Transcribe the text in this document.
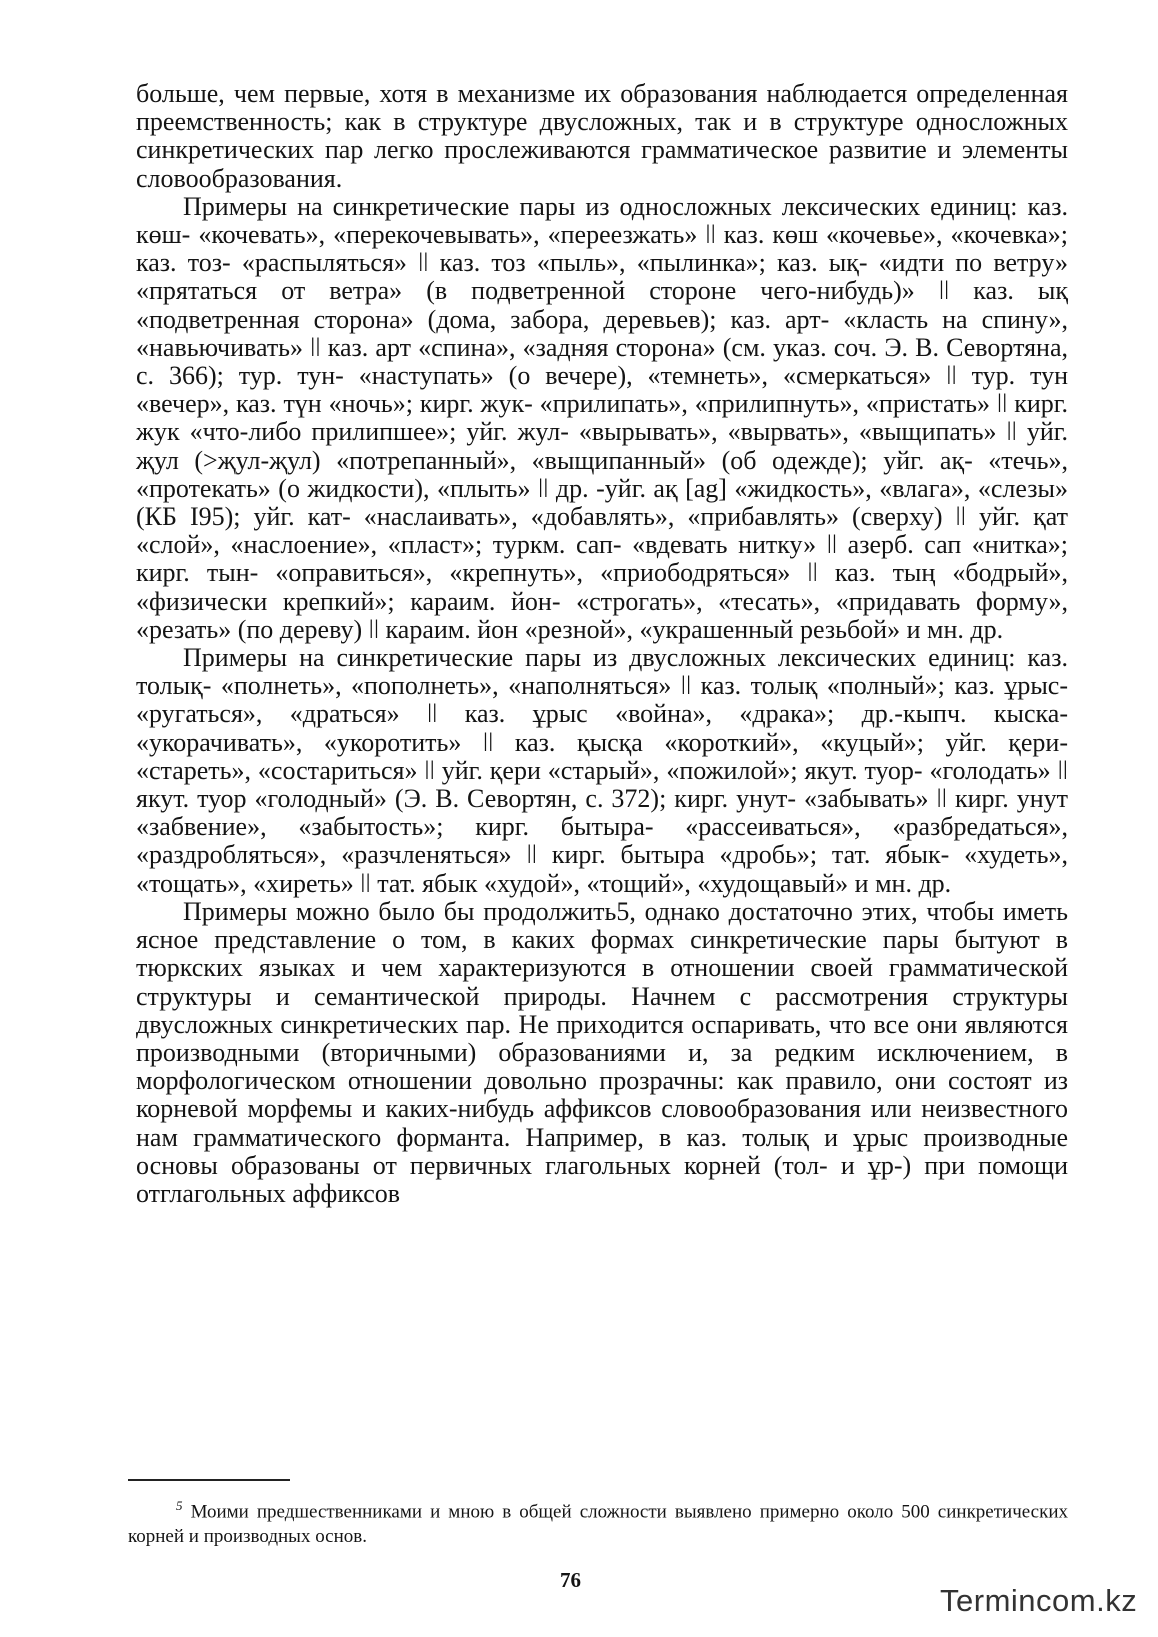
больше, чем первые, хотя в механизме их образования наблюдается определенная преемственность; как в структуре двусложных, так и в структуре односложных синкретических пар легко прослеживаются грамматическое развитие и элементы словообразования.

Примеры на синкретические пары из односложных лексических единиц: каз. көш- «кочевать», «перекочевывать», «переезжать» ǀǀ каз. көш «кочевье», «кочевка»; каз. тоз- «распыляться» ǀǀ каз. тоз «пыль», «пылинка»; каз. ық- «идти по ветру» «прятаться от ветра» (в подветренной стороне чего-нибудь)» ǀǀ каз. ық «подветренная сторона» (дома, забора, деревьев); каз. арт- «класть на спину», «навьючивать» ǀǀ каз. арт «спина», «задняя сторона» (см. указ. соч. Э. В. Севортяна, с. 366); тур. тун- «наступать» (о вечере), «темнеть», «смеркаться» ǀǀ тур. тун «вечер», каз. түн «ночь»; кирг. жук- «прилипать», «прилипнуть», «пристать» ǀǀ кирг. жук «что-либо прилипшее»; уйг. жул- «вырывать», «вырвать», «выщипать» ǀǀ уйг. җул (>җул-җул) «потрепанный», «выщипанный» (об одежде); уйг. ақ- «течь», «протекать» (о жидкости), «плыть» ǀǀ др. -уйг. ақ [ag] «жидкость», «влага», «слезы» (КБ I95); уйг. кат- «наслаивать», «добавлять», «прибавлять» (сверху) ǀǀ уйг. қат «слой», «наслоение», «пласт»; туркм. сап- «вдевать нитку» ǀǀ азерб. сап «нитка»; кирг. тын- «оправиться», «крепнуть», «приободряться» ǀǀ каз. тың «бодрый», «физически крепкий»; караим. йон- «строгать», «тесать», «придавать форму», «резать» (по дереву) ǀǀ караим. йон «резной», «украшенный резьбой» и мн. др.

Примеры на синкретические пары из двусложных лексических единиц: каз. толық- «полнеть», «пополнеть», «наполняться» ǀǀ каз. толық «полный»; каз. ұрыс- «ругаться», «драться» ǀǀ каз. ұрыс «война», «драка»; др.-кыпч. кыска- «укорачивать», «укоротить» ǀǀ каз. қысқа «короткий», «куцый»; уйг. қери- «стареть», «состариться» ǀǀ уйг. қери «старый», «пожилой»; якут. туор- «голодать» ǀǀ якут. туор «голодный» (Э. В. Севортян, с. 372); кирг. унут- «забывать» ǀǀ кирг. унут «забвение», «забытость»; кирг. бытыра- «рассеиваться», «разбредаться», «раздробляться», «разчленяться» ǀǀ кирг. бытыра «дробь»; тат. ябык- «худеть», «тощать», «хиреть» ǀǀ тат. ябык «худой», «тощий», «худощавый» и мн. др.

Примеры можно было бы продолжить5, однако достаточно этих, чтобы иметь ясное представление о том, в каких формах синкретические пары бытуют в тюркских языках и чем характеризуются в отношении своей грамматической структуры и семантической природы. Начнем с рассмотрения структуры двусложных синкретических пар. Не приходится оспаривать, что все они являются производными (вторичными) образованиями и, за редким исключением, в морфологическом отношении довольно прозрачны: как правило, они состоят из корневой морфемы и каких-нибудь аффиксов словообразования или неизвестного нам грамматического форманта. Например, в каз. толық и ұрыс производные основы образованы от первичных глагольных корней (тол- и ұр-) при помощи отглагольных аффиксов

$^5$ Моими предшественниками и мною в общей сложности выявлено примерно около 500 синкретических корней и производных основ.

76
Termincom.kz
